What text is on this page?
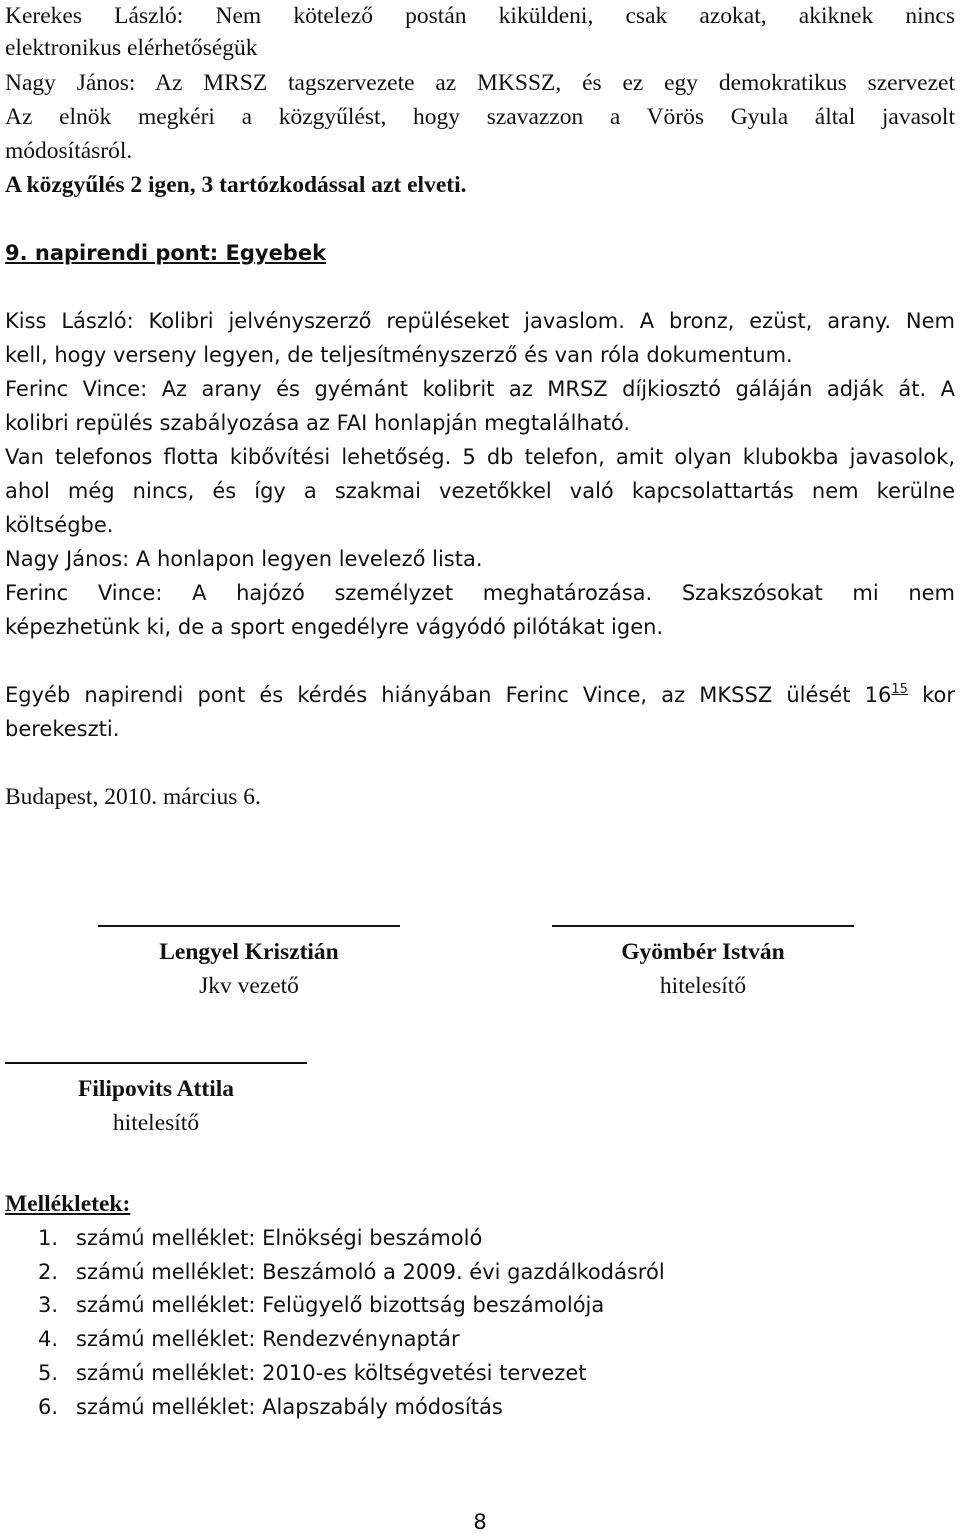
Kerekes László: Nem kötelező postán kiküldeni, csak azokat, akiknek nincs
elektronikus elérhetőségük
Nagy János: Az MRSZ tagszervezete az MKSSZ, és ez egy demokratikus szervezet
Az elnök megkéri a közgyűlést, hogy szavazzon a Vörös Gyula által javasolt
módosításról.
A közgyűlés 2 igen, 3 tartózkodással azt elveti.
9. napirendi pont: Egyebek
Kiss László: Kolibri jelvényszerző repüléseket javaslom. A bronz, ezüst, arany. Nem
kell, hogy verseny legyen, de teljesítményszerző és van róla dokumentum.
Ferinc Vince: Az arany és gyémánt kolibrit az MRSZ díjkiosztó gáláján adják át. A
kolibri repülés szabályozása az FAI honlapján megtalálható.
Van telefonos flotta kibővítési lehetőség. 5 db telefon, amit olyan klubokba javasolok,
ahol még nincs, és így a szakmai vezetőkkel való kapcsolattartás nem kerülne
költségbe.
Nagy János: A honlapon legyen levelező lista.
Ferinc Vince: A hajózó személyzet meghatározása. Szakszósokat mi nem
képezhetünk ki, de a sport engedélyre vágyódó pilótákat igen.
Egyéb napirendi pont és kérdés hiányában Ferinc Vince, az MKSSZ ülését $16^{15}$ kor
berekeszti.
Budapest, 2010. március 6.
Lengyel Krisztián
Jkv vezető
Gyömbér István
hitelesítő
Filipovits Attila
hitelesítő
Mellékletek:
1. számú melléklet: Elnökségi beszámoló
2. számú melléklet: Beszámoló a 2009. évi gazdálkodásról
3. számú melléklet: Felügyelő bizottság beszámolója
4. számú melléklet: Rendezvénynaptár
5. számú melléklet: 2010-es költségvetési tervezet
6. számú melléklet: Alapszabály módosítás
8
